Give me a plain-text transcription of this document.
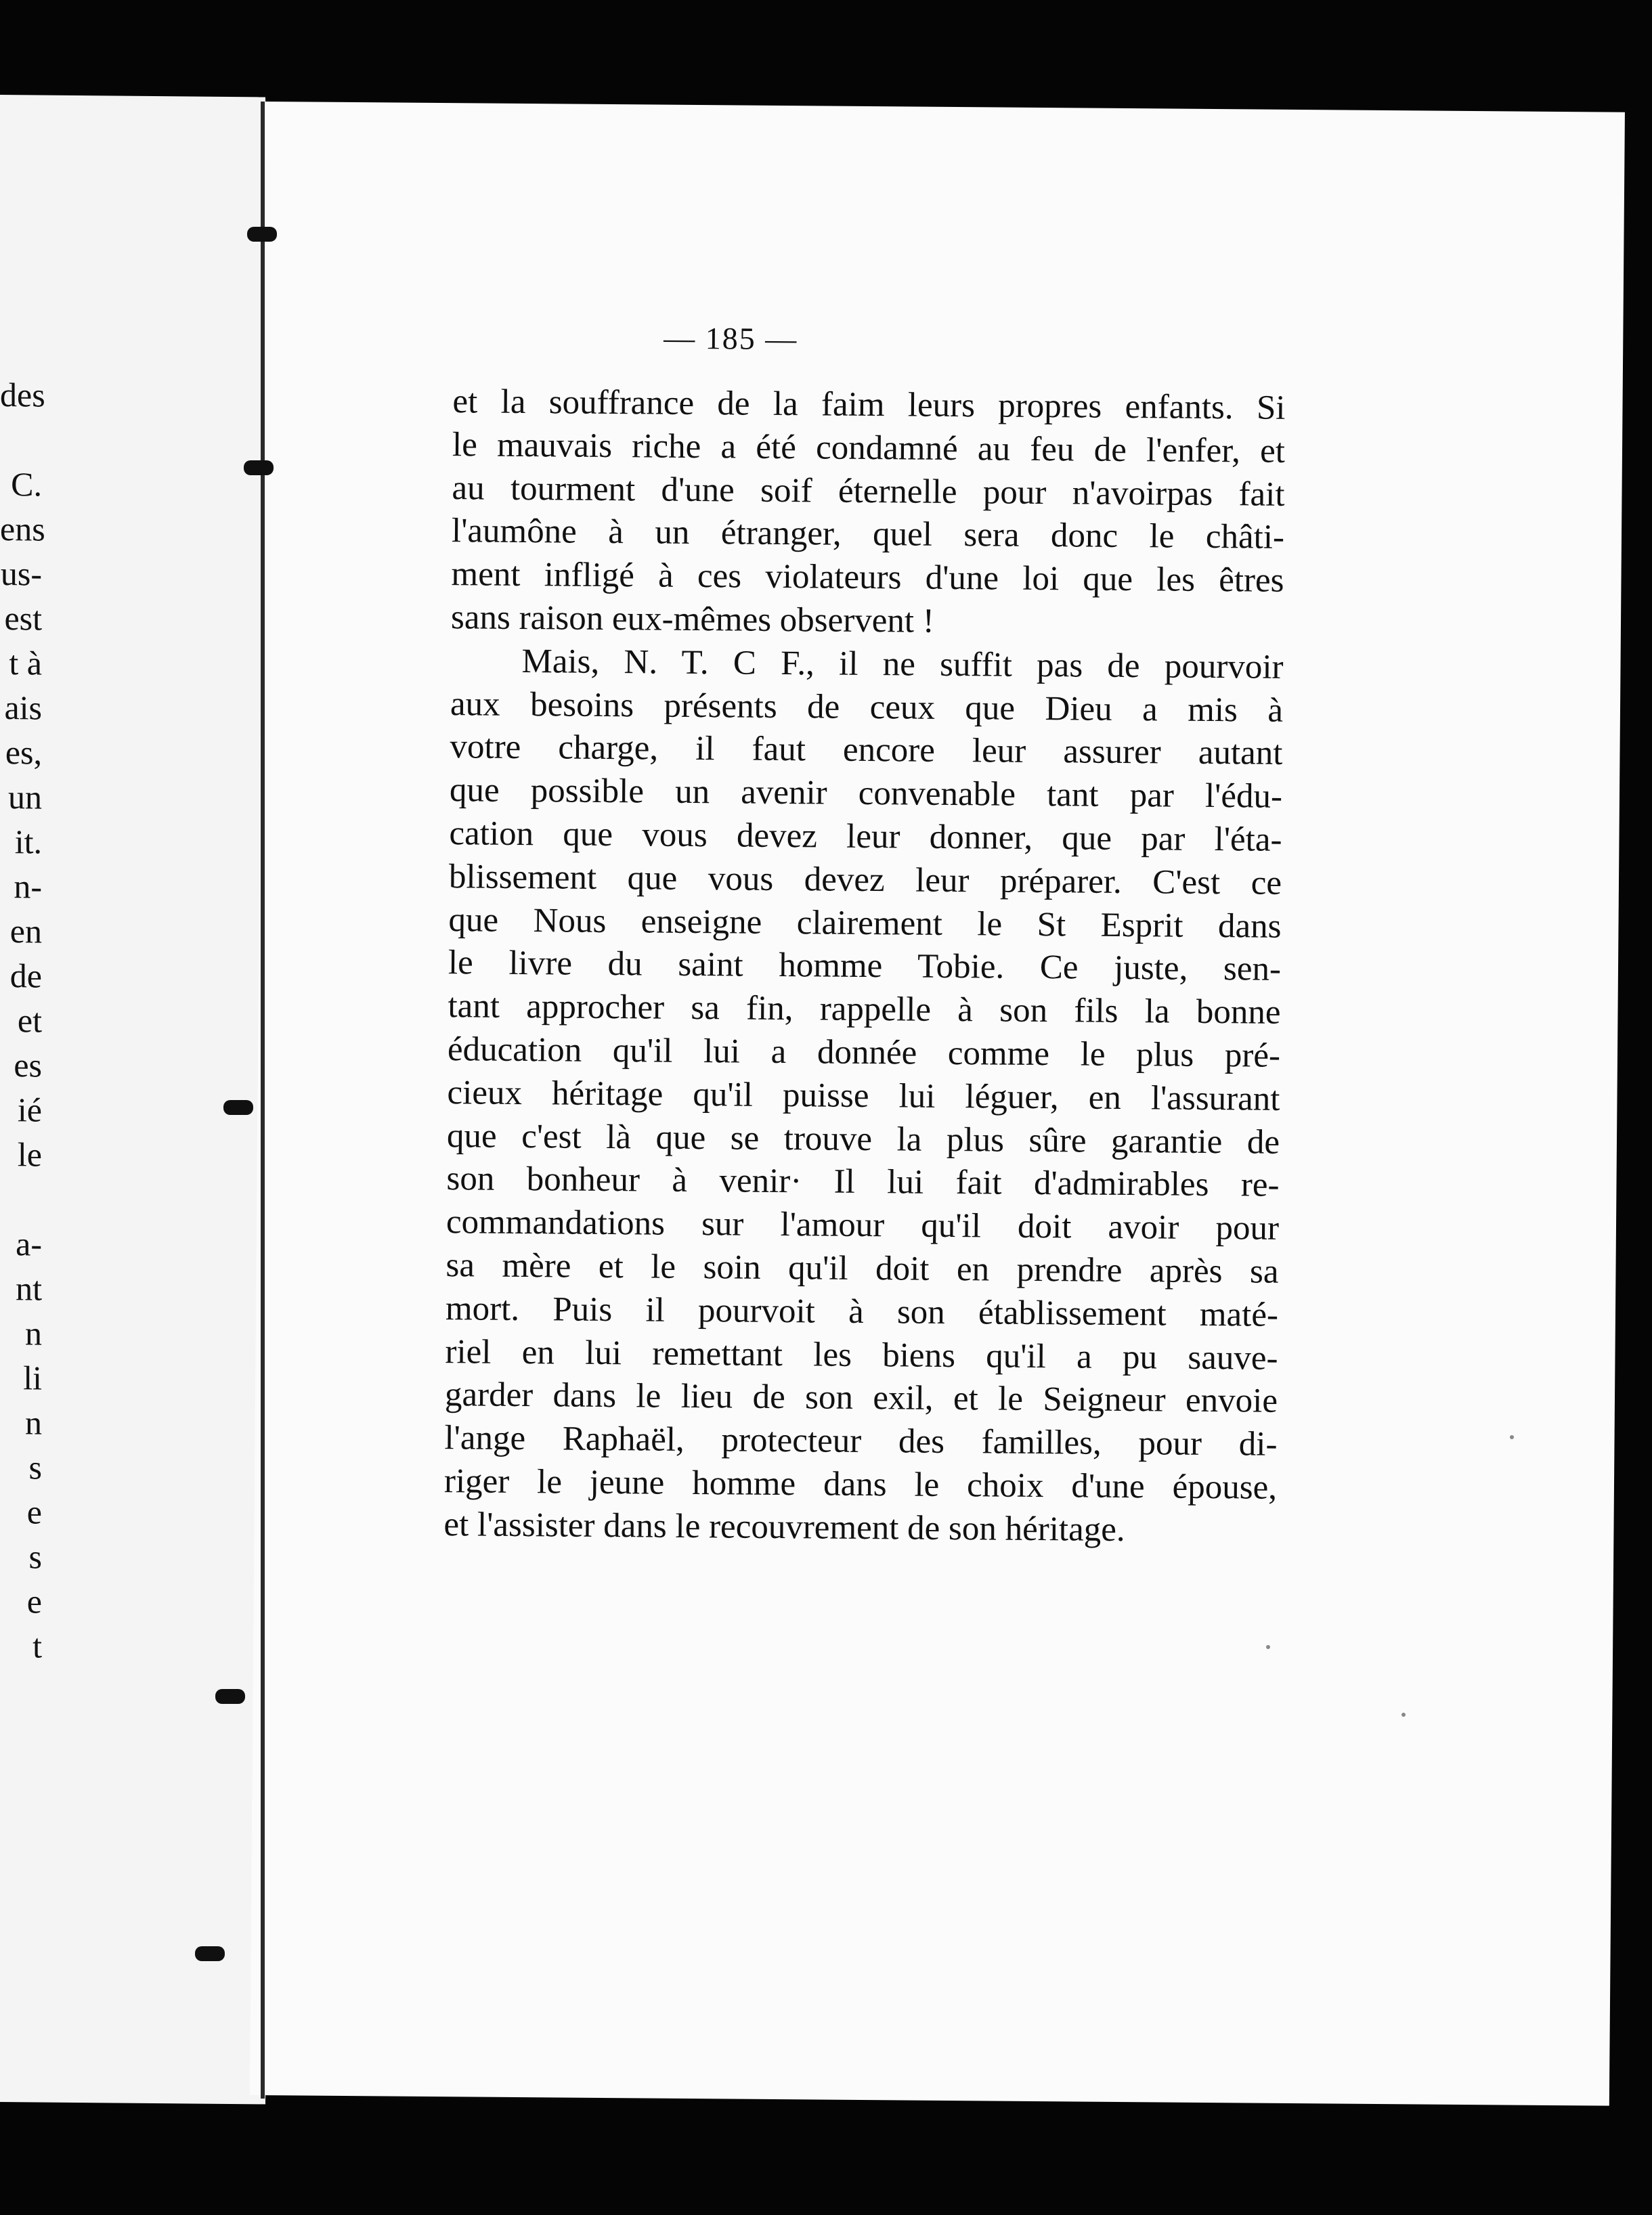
des

C.
ens
us-
est
t à
ais
es,
un
it.
n-
en
de
et
es
ié
le

a-
nt
n
li
n
s
e
s
e
t
— 185 —
et la souffrance de la faim leurs propres enfants. Si
le mauvais riche a été condamné au feu de l'enfer, et
au tourment d'une soif éternelle pour n'avoirpas fait
l'aumône à un étranger, quel sera donc le châti-
ment infligé à ces violateurs d'une loi que les êtres
sans raison eux-mêmes observent !
Mais, N. T. C F., il ne suffit pas de pourvoir
aux besoins présents de ceux que Dieu a mis à
votre charge, il faut encore leur assurer autant
que possible un avenir convenable tant par l'édu-
cation que vous devez leur donner, que par l'éta-
blissement que vous devez leur préparer. C'est ce
que Nous enseigne clairement le St Esprit dans
le livre du saint homme Tobie. Ce juste, sen-
tant approcher sa fin, rappelle à son fils la bonne
éducation qu'il lui a donnée comme le plus pré-
cieux héritage qu'il puisse lui léguer, en l'assurant
que c'est là que se trouve la plus sûre garantie de
son bonheur à venir· Il lui fait d'admirables re-
commandations sur l'amour qu'il doit avoir pour
sa mère et le soin qu'il doit en prendre après sa
mort. Puis il pourvoit à son établissement maté-
riel en lui remettant les biens qu'il a pu sauve-
garder dans le lieu de son exil, et le Seigneur envoie
l'ange Raphaël, protecteur des familles, pour di-
riger le jeune homme dans le choix d'une épouse,
et l'assister dans le recouvrement de son héritage.
